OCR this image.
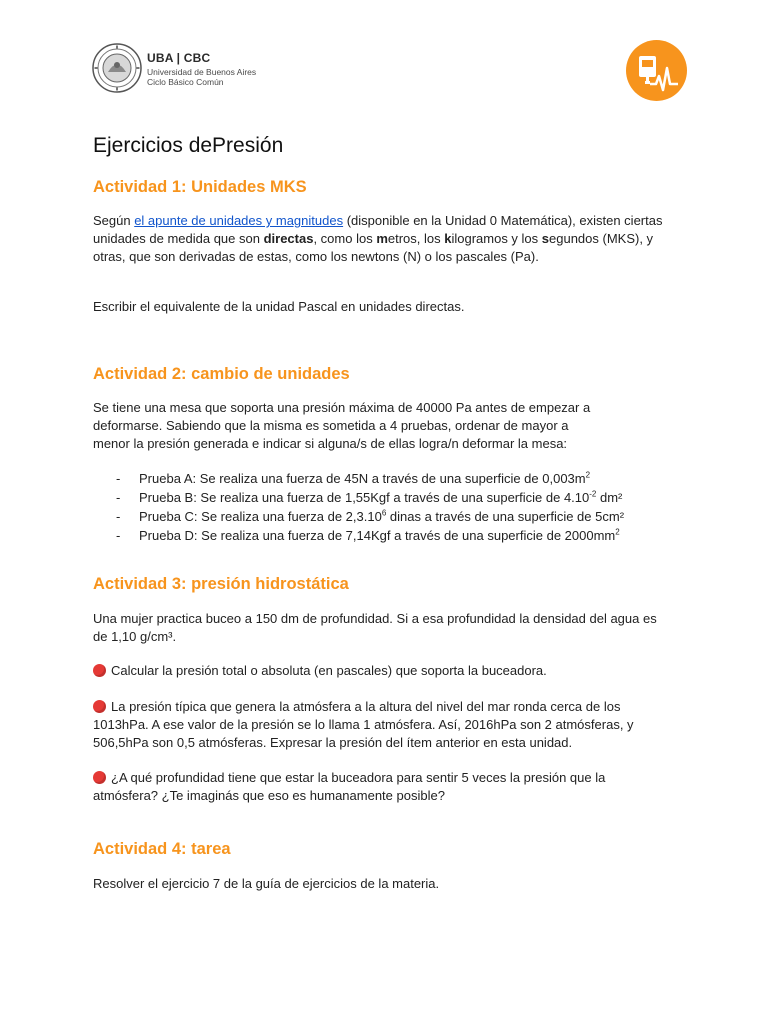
UBA | CBC
Universidad de Buenos Aires
Ciclo Básico Común
Ejercicios dePresión
Actividad 1: Unidades MKS

Según el apunte de unidades y magnitudes (disponible en la Unidad 0 Matemática), existen ciertas unidades de medida que son directas, como los metros, los kilogramos y los segundos (MKS), y otras, que son derivadas de estas, como los newtons (N) o los pascales (Pa).

Escribir el equivalente de la unidad Pascal en unidades directas.

Actividad 2: cambio de unidades

Se tiene una mesa que soporta una presión máxima de 40000 Pa antes de empezar a
deformarse. Sabiendo que la misma es sometida a 4 pruebas, ordenar de mayor a
menor la presión generada e indicar si alguna/s de ellas logra/n deformar la mesa:

- Prueba A: Se realiza una fuerza de 45N a través de una superficie de $0,003m^2$
- Prueba B: Se realiza una fuerza de 1,55Kgf a través de una superficie de $4.10^{-2}$ dm²
- Prueba C: Se realiza una fuerza de 2,3.10$^6$ dinas a través de una superficie de 5cm²
- Prueba D: Se realiza una fuerza de 7,14Kgf a través de una superficie de $2000mm^2$
Actividad 3: presión hidrostática

Una mujer practica buceo a 150 dm de profundidad. Si a esa profundidad la densidad del agua es de 1,10 g/cm³.

Calcular la presión total o absoluta (en pascales) que soporta la buceadora.

La presión típica que genera la atmósfera a la altura del nivel del mar ronda cerca de los 1013hPa. A ese valor de la presión se lo llama 1 atmósfera. Así, 2016hPa son 2 atmósferas, y 506,5hPa son 0,5 atmósferas. Expresar la presión del ítem anterior en esta unidad.

¿A qué profundidad tiene que estar la buceadora para sentir 5 veces la presión que la atmósfera? ¿Te imaginás que eso es humanamente posible?

Actividad 4: tarea

Resolver el ejercicio 7 de la guía de ejercicios de la materia.
